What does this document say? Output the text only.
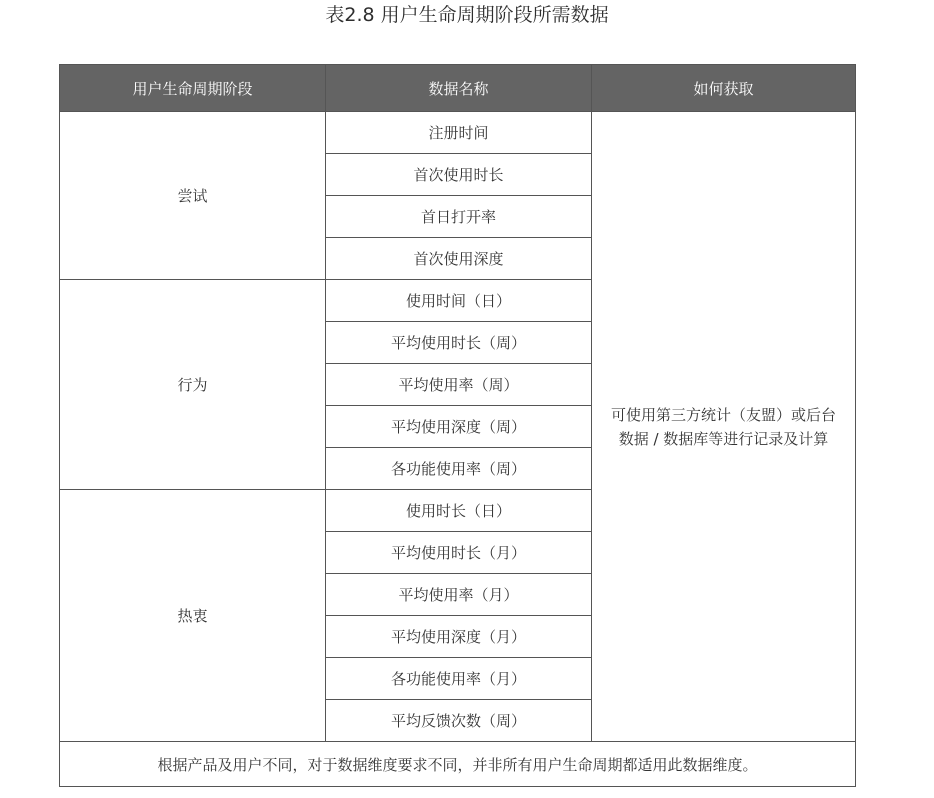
表2.8 用户生命周期阶段所需数据
用户生命周期阶段	数据名称	如何获取
尝试	注册时间	可使用第三方统计（友盟）或后台
数据 / 数据库等进行记录及计算
	首次使用时长	
	首日打开率	
	首次使用深度	
行为	使用时间（日）	
	平均使用时长（周）	
	平均使用率（周）	
	平均使用深度（周）	
	各功能使用率（周）	
热衷	使用时长（日）	
	平均使用时长（月）	
	平均使用率（月）	
	平均使用深度（月）	
	各功能使用率（月）	
	平均反馈次数（周）	
根据产品及用户不同，对于数据维度要求不同，并非所有用户生命周期都适用此数据维度。		
